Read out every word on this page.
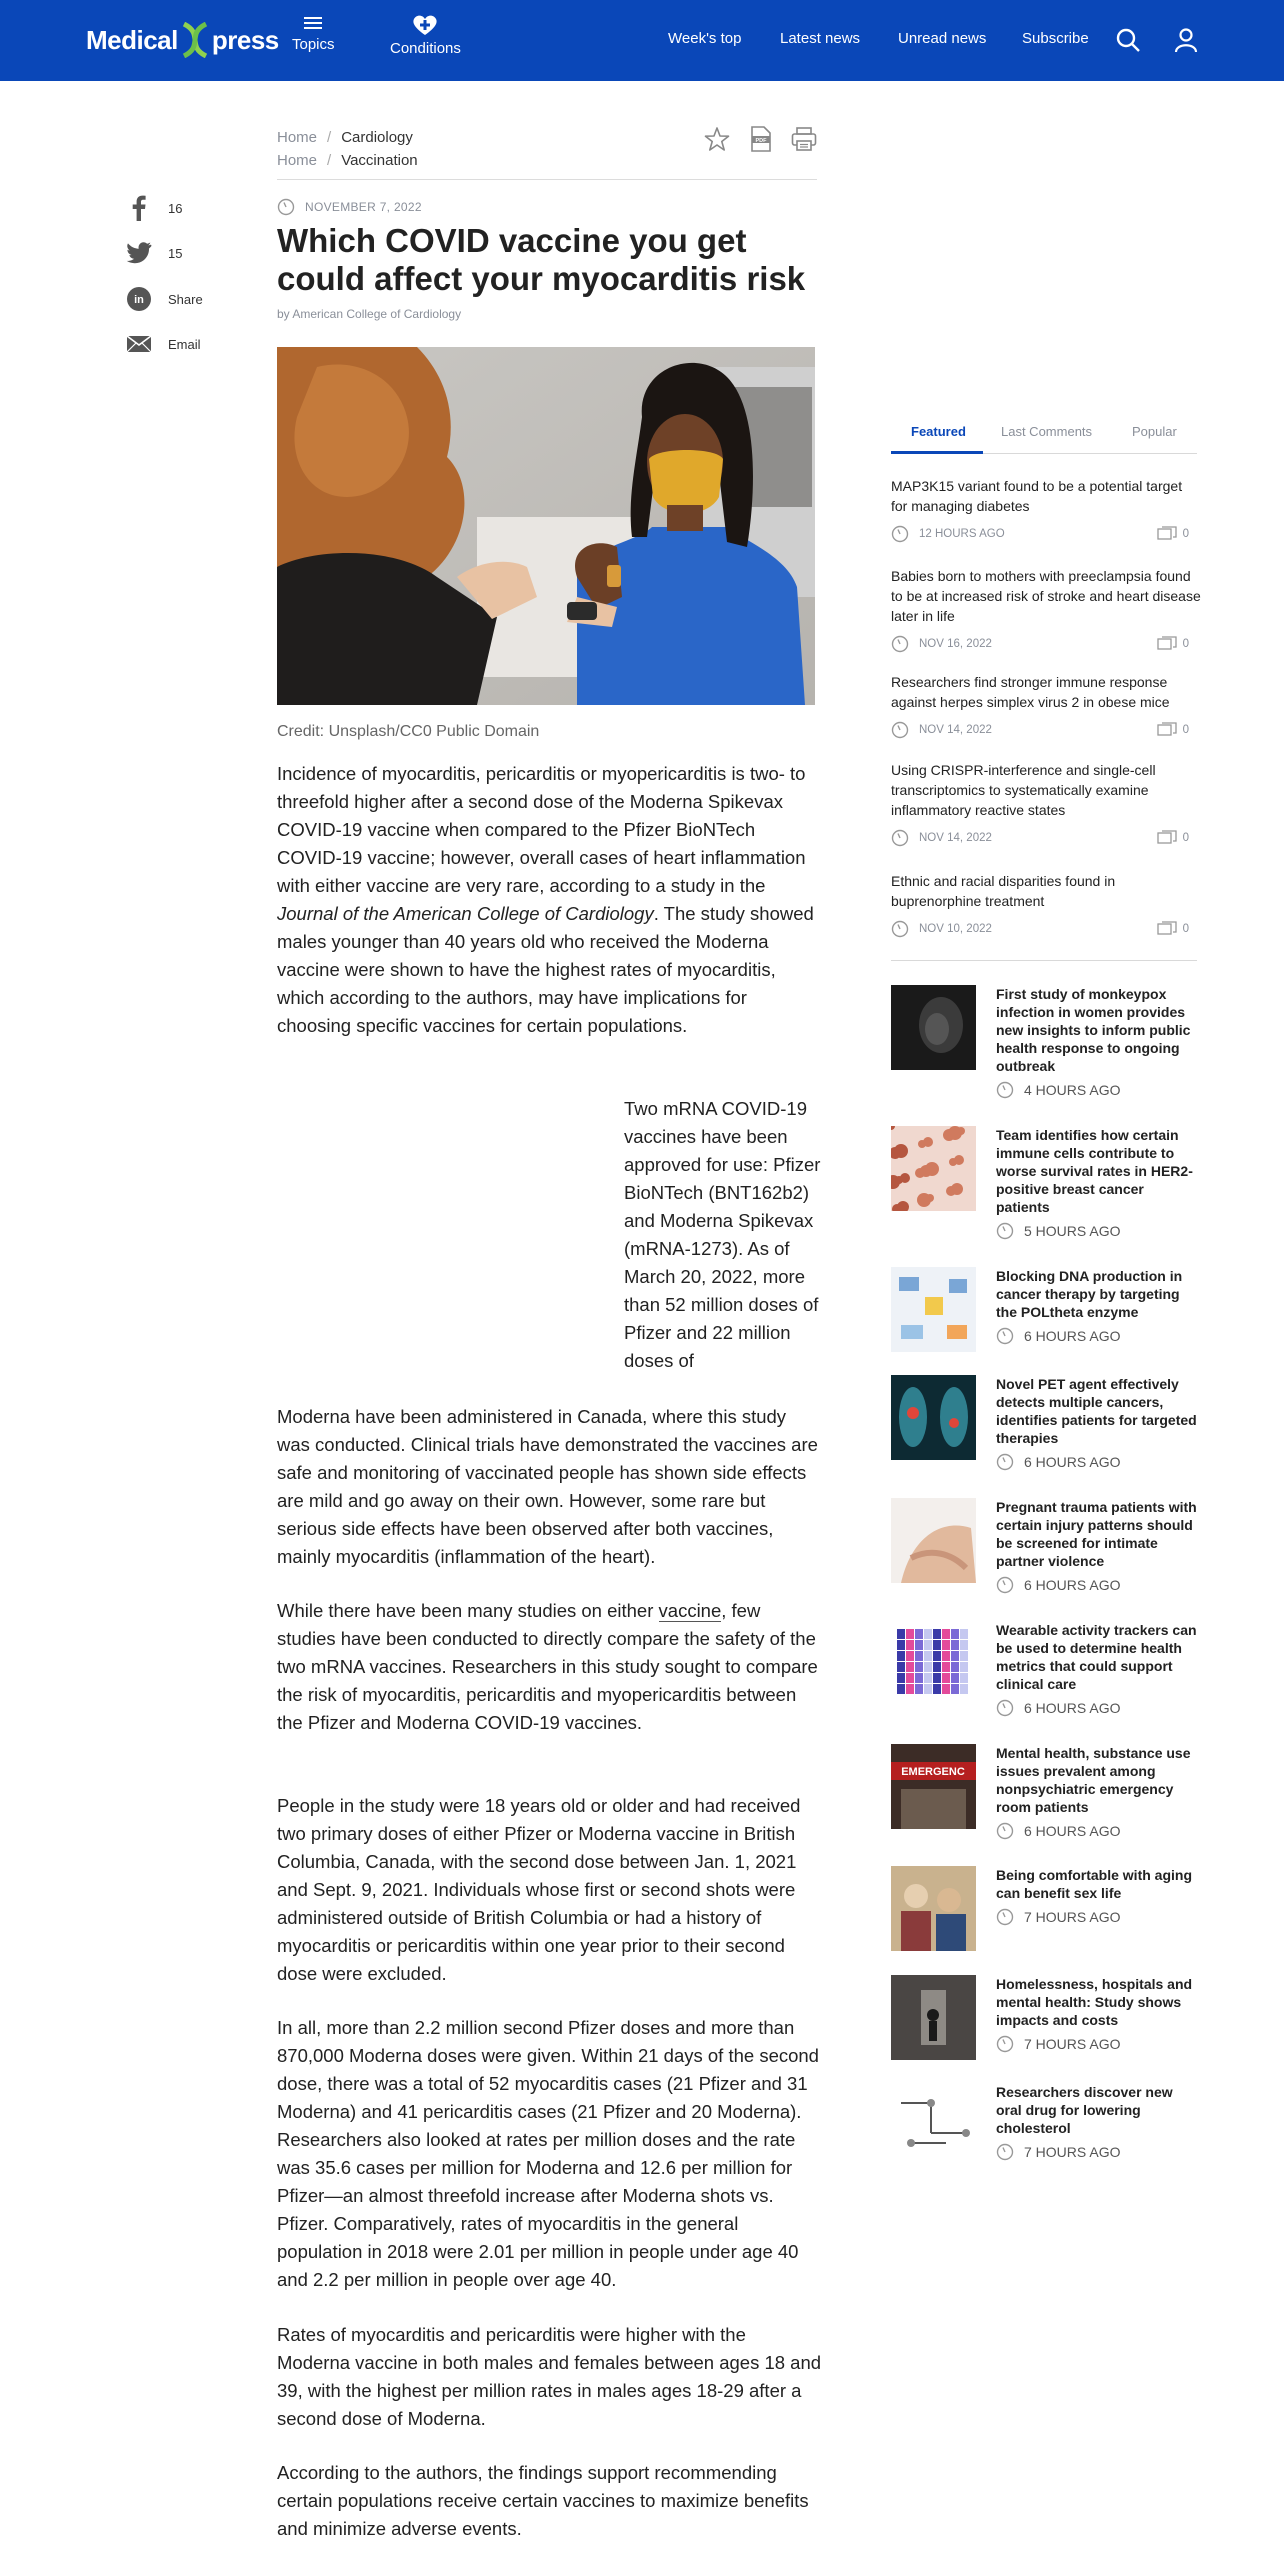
Medical press Topics	Conditions
Week's top	Latest news	Unread news Subscribe
16
15
in Share
Email
Home / Cardiology
Home / Vaccination
PDF
NOVEMBER 7, 2022
Which COVID vaccine you get could affect your myocarditis risk
by American College of Cardiology
Credit: Unsplash/CC0 Public Domain

Incidence of myocarditis, pericarditis or myopericarditis is two- to threefold higher after a second dose of the Moderna Spikevax COVID-19 vaccine when compared to the Pfizer BioNTech COVID-19 vaccine; however, overall cases of heart inflammation with either vaccine are very rare, according to a study in the Journal of the American College of Cardiology. The study showed males younger than 40 years old who received the Moderna vaccine were shown to have the highest rates of myocarditis, which according to the authors, may have implications for choosing specific vaccines for certain populations.

Two mRNA COVID-19 vaccines have been approved for use: Pfizer BioNTech (BNT162b2) and Moderna Spikevax (mRNA-1273). As of March 20, 2022, more than 52 million doses of Pfizer and 22 million doses of

Moderna have been administered in Canada, where this study was conducted. Clinical trials have demonstrated the vaccines are safe and monitoring of vaccinated people has shown side effects are mild and go away on their own. However, some rare but serious side effects have been observed after both vaccines, mainly myocarditis (inflammation of the heart).

While there have been many studies on either vaccine, few studies have been conducted to directly compare the safety of the two mRNA vaccines. Researchers in this study sought to compare the risk of myocarditis, pericarditis and myopericarditis between the Pfizer and Moderna COVID-19 vaccines.

People in the study were 18 years old or older and had received two primary doses of either Pfizer or Moderna vaccine in British Columbia, Canada, with the second dose between Jan. 1, 2021 and Sept. 9, 2021. Individuals whose first or second shots were administered outside of British Columbia or had a history of myocarditis or pericarditis within one year prior to their second dose were excluded.

In all, more than 2.2 million second Pfizer doses and more than 870,000 Moderna doses were given. Within 21 days of the second dose, there was a total of 52 myocarditis cases (21 Pfizer and 31 Moderna) and 41 pericarditis cases (21 Pfizer and 20 Moderna). Researchers also looked at rates per million doses and the rate was 35.6 cases per million for Moderna and 12.6 per million for Pfizer—an almost threefold increase after Moderna shots vs. Pfizer. Comparatively, rates of myocarditis in the general population in 2018 were 2.01 per million in people under age 40 and 2.2 per million in people over age 40.

Rates of myocarditis and pericarditis were higher with the Moderna vaccine in both males and females between ages 18 and 39, with the highest per million rates in males ages 18-29 after a second dose of Moderna.

According to the authors, the findings support recommending certain populations receive certain vaccines to maximize benefits and minimize adverse events.

Featured	Last Comments	Popular
MAP3K15 variant found to be a potential target for managing diabetes
12 HOURS AGO	0
Babies born to mothers with preeclampsia found to be at increased risk of stroke and heart disease later in life
NOV 16, 2022	0
Researchers find stronger immune response against herpes simplex virus 2 in obese mice
NOV 14, 2022	0
Using CRISPR-interference and single-cell transcriptomics to systematically examine inflammatory reactive states
NOV 14, 2022	0
Ethnic and racial disparities found in buprenorphine treatment
NOV 10, 2022	0
First study of monkeypox infection in women provides new insights to inform public health response to ongoing outbreak
4 HOURS AGO
Team identifies how certain immune cells contribute to worse survival rates in HER2-positive breast cancer patients
5 HOURS AGO
Blocking DNA production in cancer therapy by targeting the POLtheta enzyme
6 HOURS AGO
Novel PET agent effectively detects multiple cancers, identifies patients for targeted therapies
6 HOURS AGO
Pregnant trauma patients with certain injury patterns should be screened for intimate partner violence
6 HOURS AGO
Wearable activity trackers can be used to determine health metrics that could support clinical care
6 HOURS AGO
EMERGENC
Mental health, substance use issues prevalent among nonpsychiatric emergency room patients
6 HOURS AGO
Being comfortable with aging can benefit sex life
7 HOURS AGO
Homelessness, hospitals and mental health: Study shows impacts and costs
7 HOURS AGO
Researchers discover new oral drug for lowering cholesterol
7 HOURS AGO
